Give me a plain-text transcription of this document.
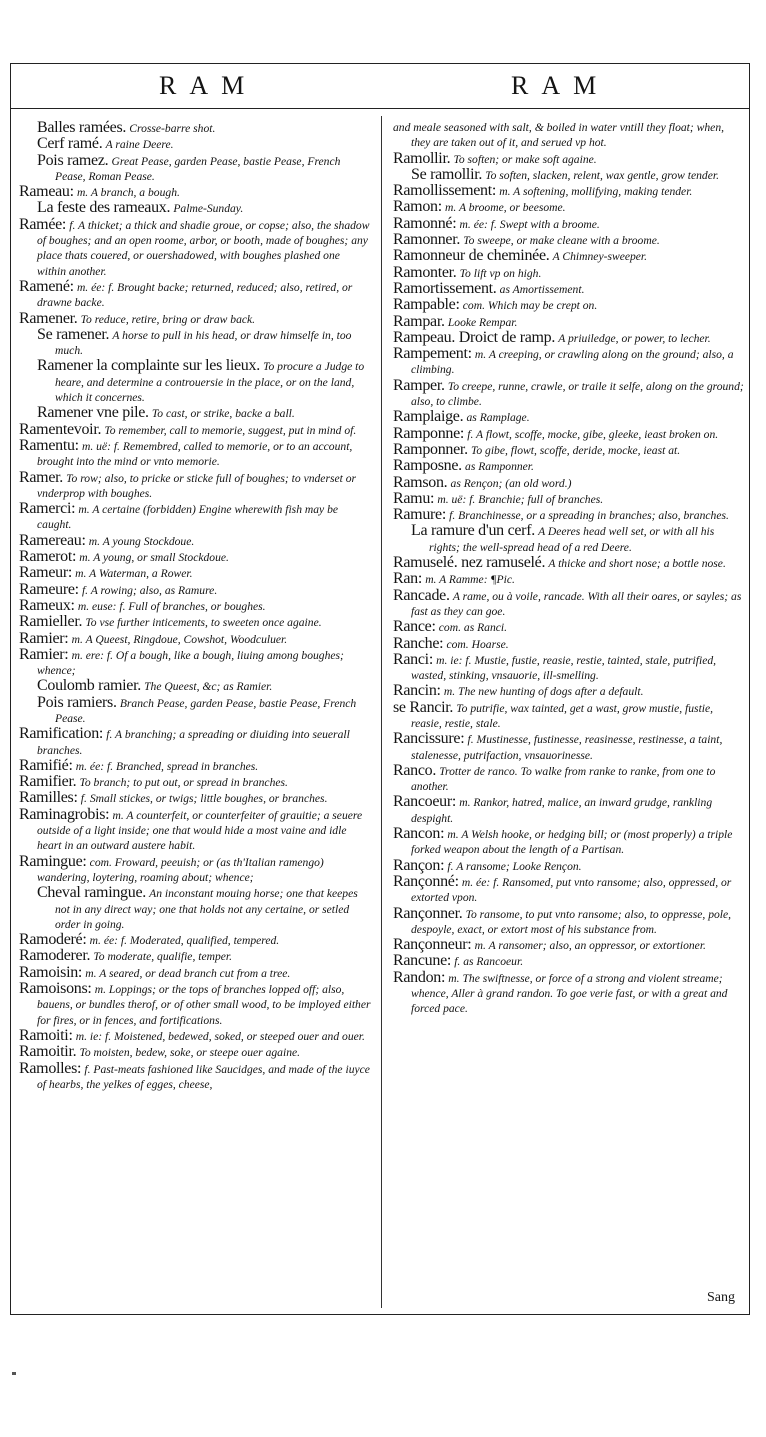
RAM	RAM

Balles ramées. Crosse-barre shot.

Cerf ramé. A raine Deere.

Pois ramez. Great Pease, garden Pease, bastie Pease, French Pease, Roman Pease.

Rameau: m. A branch, a bough.

La feste des rameaux. Palme-Sunday.

Ramée: f. A thicket; a thick and shadie groue, or copse; also, the shadow of boughes; and an open roome, arbor, or booth, made of boughes; any place thats couered, or ouershadowed, with boughes plashed one within another.

Ramené: m. ée: f. Brought backe; returned, reduced; also, retired, or drawne backe.

Ramener. To reduce, retire, bring or draw back.

Se ramener. A horse to pull in his head, or draw himselfe in, too much.

Ramener la complainte sur les lieux. To procure a Judge to heare, and determine a controuersie in the place, or on the land, which it concernes.

Ramener vne pile. To cast, or strike, backe a ball.

Ramentevoir. To remember, call to memorie, suggest, put in mind of.

Ramentu: m. uë: f. Remembred, called to memorie, or to an account, brought into the mind or vnto memorie.

Ramer. To row; also, to pricke or sticke full of boughes; to vnderset or vnderprop with boughes.

Ramerci: m. A certaine (forbidden) Engine wherewith fish may be caught.

Ramereau: m. A young Stockdoue.

Ramerot: m. A young, or small Stockdoue.

Rameur: m. A Waterman, a Rower.

Rameure: f. A rowing; also, as Ramure.

Rameux: m. euse: f. Full of branches, or boughes.

Ramieller. To vse further inticements, to sweeten once againe.

Ramier: m. A Queest, Ringdoue, Cowshot, Woodculuer.

Ramier: m. ere: f. Of a bough, like a bough, liuing among boughes; whence;

Coulomb ramier. The Queest, &c; as Ramier.

Pois ramiers. Branch Pease, garden Pease, bastie Pease, French Pease.

Ramification: f. A branching; a spreading or diuiding into seuerall branches.

Ramifié: m. ée: f. Branched, spread in branches.

Ramifier. To branch; to put out, or spread in branches.

Ramilles: f. Small stickes, or twigs; little boughes, or branches.

Raminagrobis: m. A counterfeit, or counterfeiter of grauitie; a seuere outside of a light inside; one that would hide a most vaine and idle heart in an outward austere habit.

Ramingue: com. Froward, peeuish; or (as th'Italian ramengo) wandering, loytering, roaming about; whence;

Cheval ramingue. An inconstant mouing horse; one that keepes not in any direct way; one that holds not any certaine, or setled order in going.

Ramoderé: m. ée: f. Moderated, qualified, tempered.

Ramoderer. To moderate, qualifie, temper.

Ramoisin: m. A seared, or dead branch cut from a tree.

Ramoisons: m. Loppings; or the tops of branches lopped off; also, bauens, or bundles therof, or of other small wood, to be imployed either for fires, or in fences, and fortifications.

Ramoiti: m. ie: f. Moistened, bedewed, soked, or steeped ouer and ouer.

Ramoitir. To moisten, bedew, soke, or steepe ouer againe.

Ramolles: f. Past-meats fashioned like Saucidges, and made of the iuyce of hearbs, the yelkes of egges, cheese,

and meale seasoned with salt, & boiled in water vntill they float; when, they are taken out of it, and serued vp hot.

Ramollir. To soften; or make soft againe.

Se ramollir. To soften, slacken, relent, wax gentle, grow tender.

Ramollissement: m. A softening, mollifying, making tender.

Ramon: m. A broome, or beesome.

Ramonné: m. ée: f. Swept with a broome.

Ramonner. To sweepe, or make cleane with a broome.

Ramonneur de cheminée. A Chimney-sweeper.

Ramonter. To lift vp on high.

Ramortissement. as Amortissement.

Rampable: com. Which may be crept on.

Rampar. Looke Rempar.

Rampeau. Droict de ramp. A priuiledge, or power, to lecher.

Rampement: m. A creeping, or crawling along on the ground; also, a climbing.

Ramper. To creepe, runne, crawle, or traile it selfe, along on the ground; also, to climbe.

Ramplaige. as Ramplage.

Ramponne: f. A flowt, scoffe, mocke, gibe, gleeke, ieast broken on.

Ramponner. To gibe, flowt, scoffe, deride, mocke, ieast at.

Ramposne. as Ramponner.

Ramson. as Rençon; (an old word.)

Ramu: m. uë: f. Branchie; full of branches.

Ramure: f. Branchinesse, or a spreading in branches; also, branches.

La ramure d'un cerf. A Deeres head well set, or with all his rights; the well-spread head of a red Deere.

Ramuselé. nez ramuselé. A thicke and short nose; a bottle nose.

Ran: m. A Ramme: ¶Pic.

Rancade. A rame, ou à voile, rancade. With all their oares, or sayles; as fast as they can goe.

Rance: com. as Ranci.

Ranche: com. Hoarse.

Ranci: m. ie: f. Mustie, fustie, reasie, restie, tainted, stale, putrified, wasted, stinking, vnsauorie, ill-smelling.

Rancin: m. The new hunting of dogs after a default.

se Rancir. To putrifie, wax tainted, get a wast, grow mustie, fustie, reasie, restie, stale.

Rancissure: f. Mustinesse, fustinesse, reasinesse, restinesse, a taint, stalenesse, putrifaction, vnsauorinesse.

Ranco. Trotter de ranco. To walke from ranke to ranke, from one to another.

Rancoeur: m. Rankor, hatred, malice, an inward grudge, rankling despight.

Rancon: m. A Welsh hooke, or hedging bill; or (most properly) a triple forked weapon about the length of a Partisan.

Rançon: f. A ransome; Looke Rençon.

Rançonné: m. ée: f. Ransomed, put vnto ransome; also, oppressed, or extorted vpon.

Rançonner. To ransome, to put vnto ransome; also, to oppresse, pole, despoyle, exact, or extort most of his substance from.

Rançonneur: m. A ransomer; also, an oppressor, or extortioner.

Rancune: f. as Rancoeur.

Randon: m. The swiftnesse, or force of a strong and violent streame; whence, Aller à grand randon. To goe verie fast, or with a great and forced pace.

Sang
